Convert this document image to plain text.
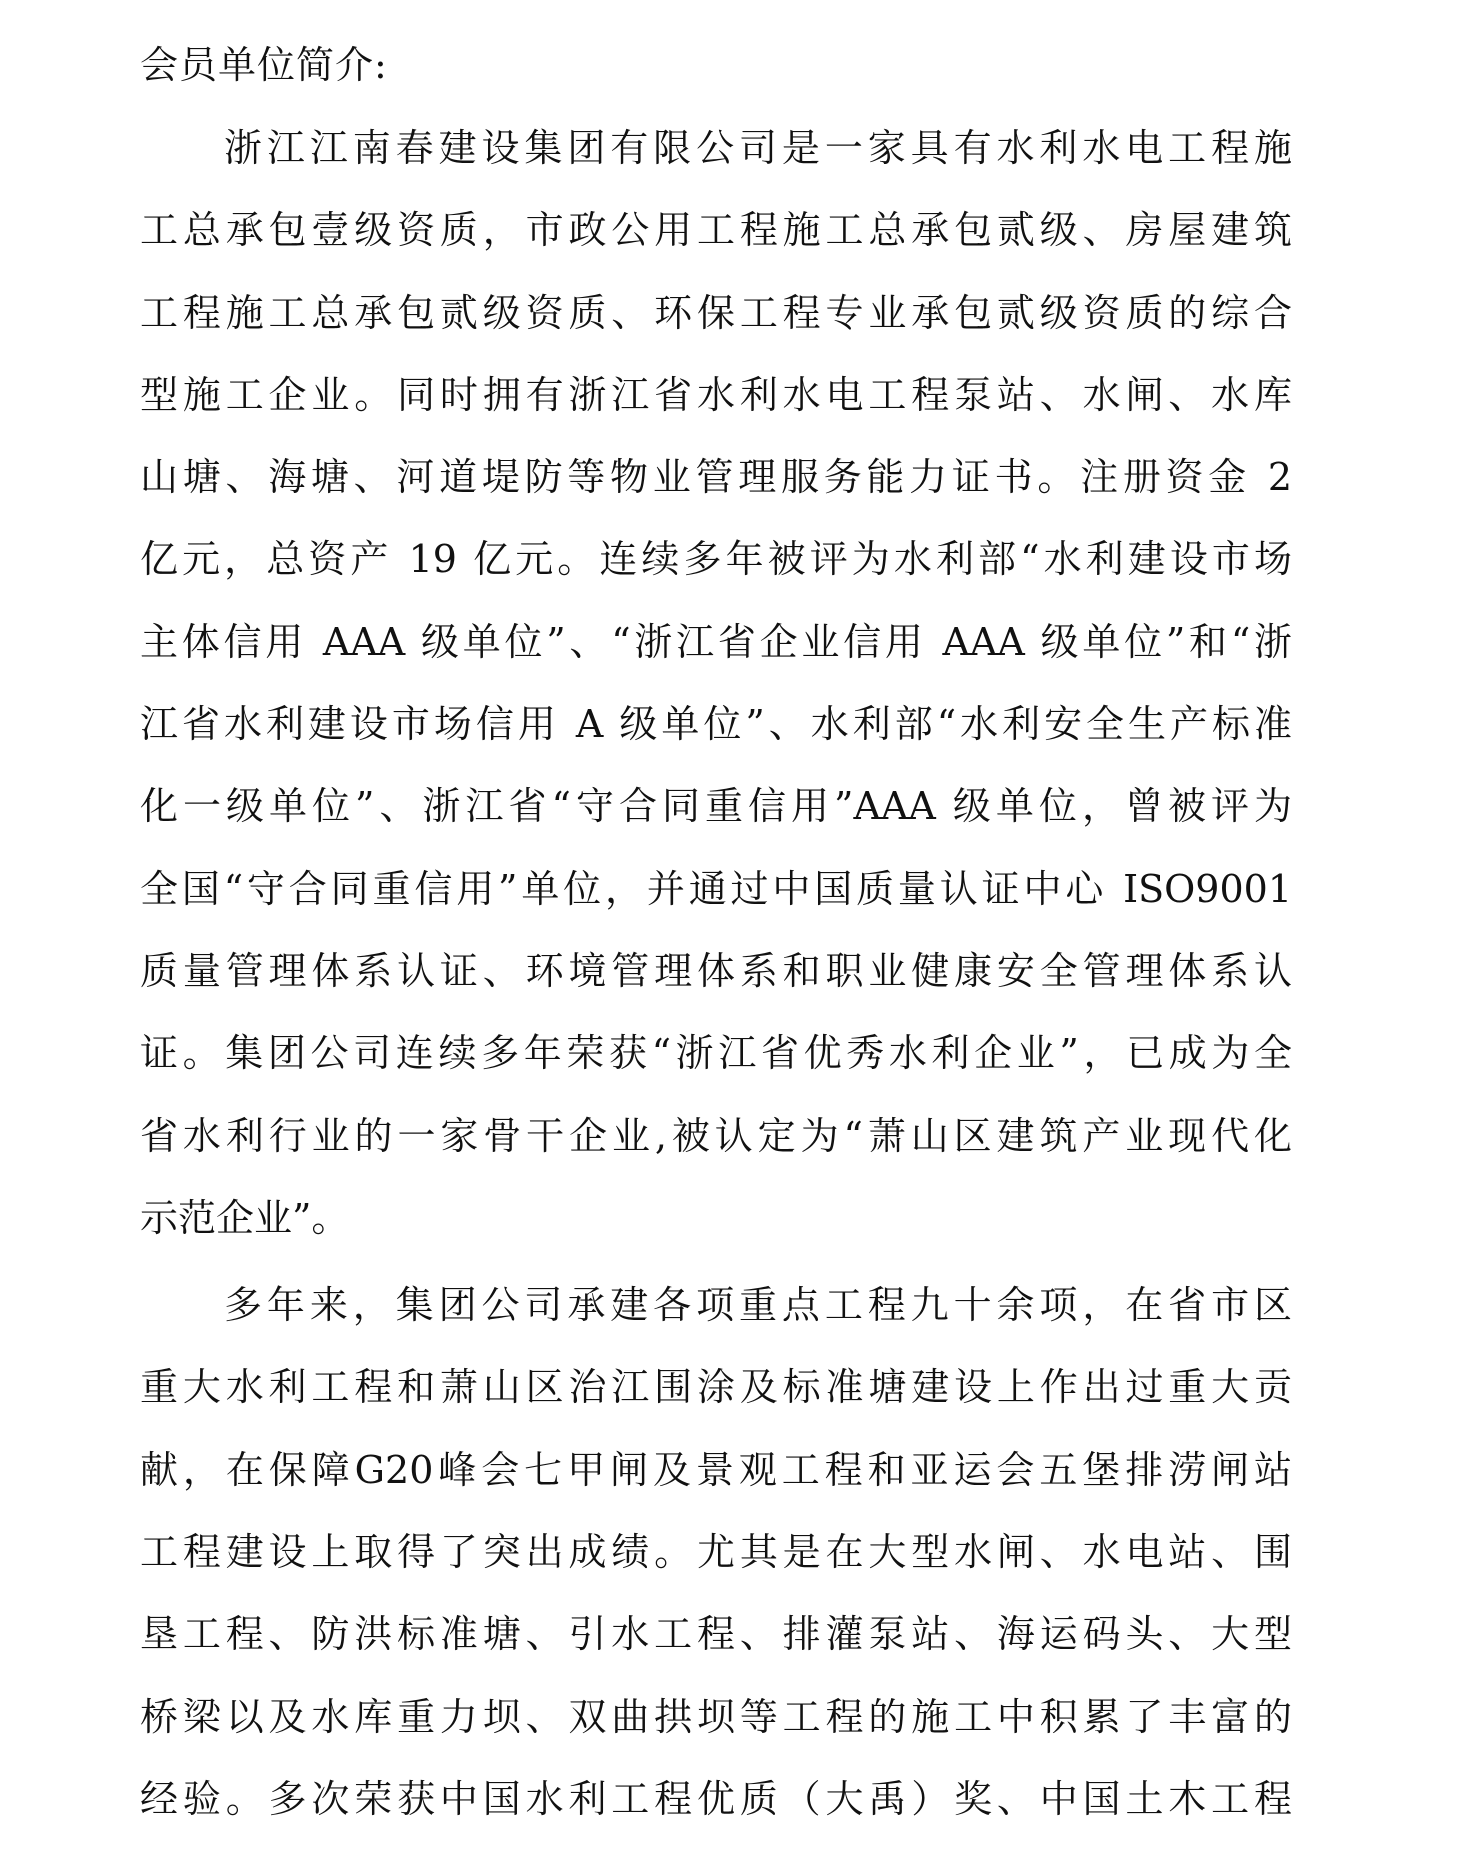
会员单位简介:
浙江江南春建设集团有限公司是一家具有水利水电工程施
工总承包壹级资质，市政公用工程施工总承包贰级、房屋建筑
工程施工总承包贰级资质、环保工程专业承包贰级资质的综合
型施工企业。同时拥有浙江省水利水电工程泵站、水闸、水库
山塘、海塘、河道堤防等物业管理服务能力证书。注册资金 2
亿元，总资产 19 亿元。连续多年被评为水利部“水利建设市场
主体信用 AAA 级单位”、“浙江省企业信用 AAA 级单位”和“浙
江省水利建设市场信用 A 级单位”、水利部“水利安全生产标准
化一级单位”、浙江省“守合同重信用”AAA 级单位，曾被评为
全国“守合同重信用”单位，并通过中国质量认证中心 ISO9001
质量管理体系认证、环境管理体系和职业健康安全管理体系认
证。集团公司连续多年荣获“浙江省优秀水利企业”，已成为全
省水利行业的一家骨干企业,被认定为“萧山区建筑产业现代化
示范企业”。
多年来，集团公司承建各项重点工程九十余项，在省市区
重大水利工程和萧山区治江围涂及标准塘建设上作出过重大贡
献，在保障G20峰会七甲闸及景观工程和亚运会五堡排涝闸站
工程建设上取得了突出成绩。尤其是在大型水闸、水电站、围
垦工程、防洪标准塘、引水工程、排灌泵站、海运码头、大型
桥梁以及水库重力坝、双曲拱坝等工程的施工中积累了丰富的
经验。多次荣获中国水利工程优质（大禹）奖、中国土木工程
